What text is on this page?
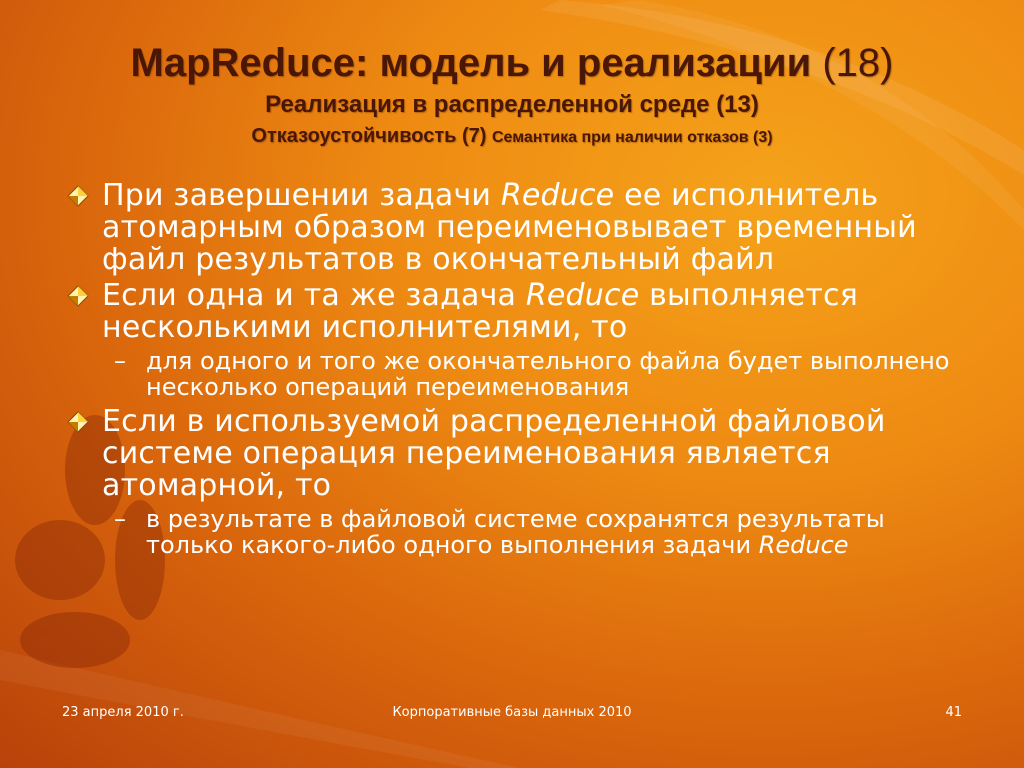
MapReduce: модель и реализации (18)
Реализация в распределенной среде (13)
Отказоустойчивость (7) Семантика при наличии отказов (3)
При завершении задачи Reduce ее исполнитель атомарным образом переименовывает временный файл результатов в окончательный файл
Если одна и та же задача Reduce выполняется несколькими исполнителями, то
– для одного и того же окончательного файла будет выполнено несколько операций переименования
Если в используемой распределенной файловой системе операция переименования является атомарной, то
– в результате в файловой системе сохранятся результаты только какого-либо одного выполнения задачи Reduce
23 апреля 2010 г.	Корпоративные базы данных 2010	41
